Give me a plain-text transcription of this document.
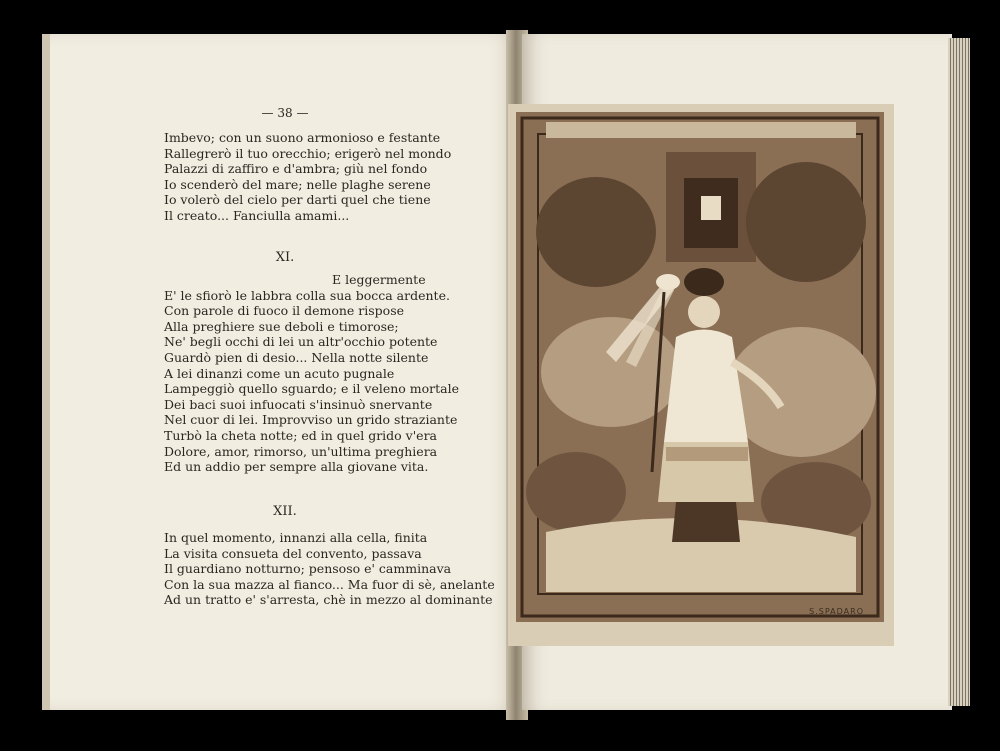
— 38 —
Imbevo; con un suono armonioso e festante
Rallegrerò il tuo orecchio; erigerò nel mondo
Palazzi di zaffiro e d'ambra; giù nel fondo
Io scenderò del mare; nelle plaghe serene
Io volerò del cielo per darti quel che tiene
Il creato... Fanciulla amami...
XI.
E leggermente
E' le sfiorò le labbra colla sua bocca ardente.
Con parole di fuoco il demone rispose
Alla preghiere sue deboli e timorose;
Ne' begli occhi di lei un altr'occhio potente
Guardò pien di desio... Nella notte silente
A lei dinanzi come un acuto pugnale
Lampeggiò quello sguardo; e il veleno mortale
Dei baci suoi infuocati s'insinuò snervante
Nel cuor di lei. Improvviso un grido straziante
Turbò la cheta notte; ed in quel grido v'era
Dolore, amor, rimorso, un'ultima preghiera
Ed un addio per sempre alla giovane vita.
XII.
In quel momento, innanzi alla cella, finita
La visita consueta del convento, passava
Il guardiano notturno; pensoso e' camminava
Con la sua mazza al fianco... Ma fuor di sè, anelante
Ad un tratto e' s'arresta, chè in mezzo al dominante
S.SPADARO
